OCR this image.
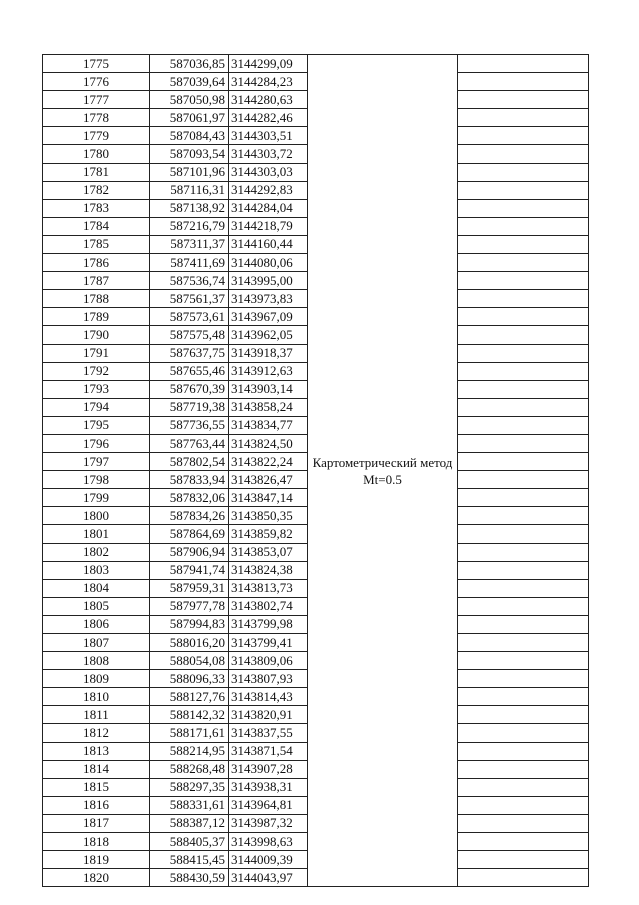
1775	587036,85	3144299,09	Картометрический метод Mt=0.5		
1776	587039,64	3144284,23		
1777	587050,98	3144280,63		
1778	587061,97	3144282,46		
1779	587084,43	3144303,51		
1780	587093,54	3144303,72		
1781	587101,96	3144303,03		
1782	587116,31	3144292,83		
1783	587138,92	3144284,04		
1784	587216,79	3144218,79		
1785	587311,37	3144160,44		
1786	587411,69	3144080,06		
1787	587536,74	3143995,00		
1788	587561,37	3143973,83		
1789	587573,61	3143967,09		
1790	587575,48	3143962,05		
1791	587637,75	3143918,37		
1792	587655,46	3143912,63		
1793	587670,39	3143903,14		
1794	587719,38	3143858,24		
1795	587736,55	3143834,77		
1796	587763,44	3143824,50		
1797	587802,54	3143822,24		
1798	587833,94	3143826,47		
1799	587832,06	3143847,14		
1800	587834,26	3143850,35		
1801	587864,69	3143859,82		
1802	587906,94	3143853,07		
1803	587941,74	3143824,38		
1804	587959,31	3143813,73		
1805	587977,78	3143802,74		
1806	587994,83	3143799,98		
1807	588016,20	3143799,41		
1808	588054,08	3143809,06		
1809	588096,33	3143807,93		
1810	588127,76	3143814,43		
1811	588142,32	3143820,91		
1812	588171,61	3143837,55		
1813	588214,95	3143871,54		
1814	588268,48	3143907,28		
1815	588297,35	3143938,31		
1816	588331,61	3143964,81		
1817	588387,12	3143987,32		
1818	588405,37	3143998,63		
1819	588415,45	3144009,39		
1820	588430,59	3144043,97		
